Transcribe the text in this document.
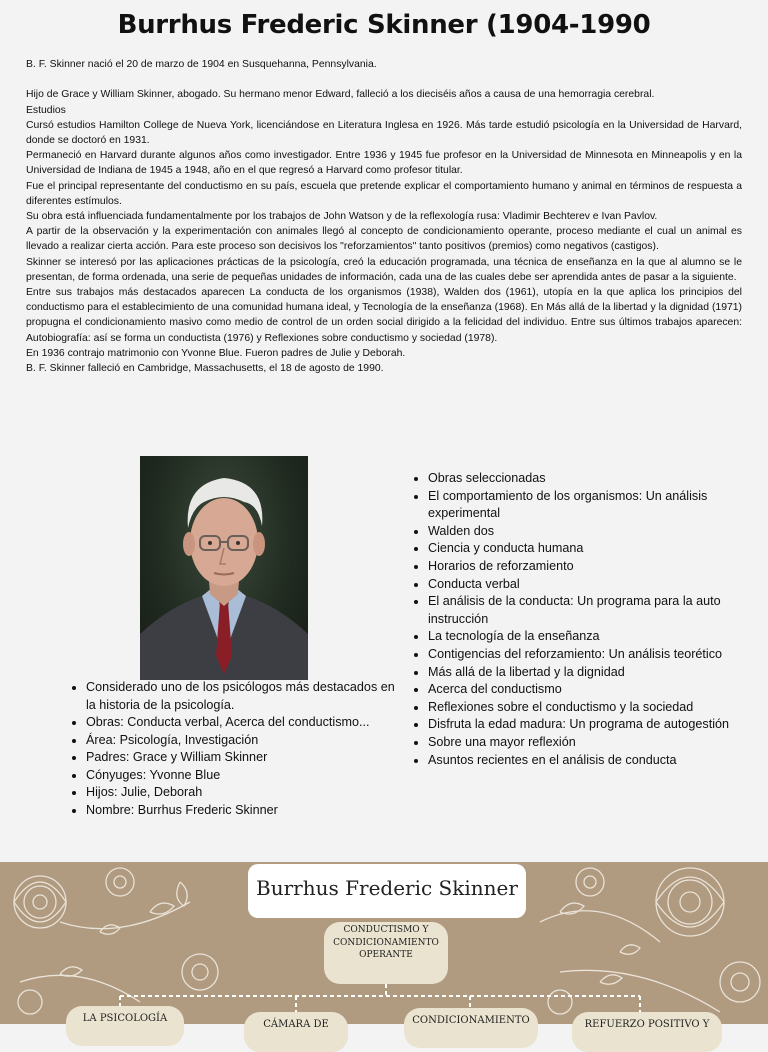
Burrhus Frederic Skinner (1904-1990

B. F. Skinner nació el 20 de marzo de 1904 en Susquehanna, Pennsylvania.

Hijo de Grace y William Skinner, abogado. Su hermano menor Edward, falleció a los dieciséis años a causa de una hemorragia cerebral.

Estudios

Cursó estudios Hamilton College de Nueva York, licenciándose en Literatura Inglesa en 1926. Más tarde estudió psicología en la Universidad de Harvard, donde se doctoró en 1931.

Permaneció en Harvard durante algunos años como investigador. Entre 1936 y 1945 fue profesor en la Universidad de Minnesota en Minneapolis y en la Universidad de Indiana de 1945 a 1948, año en el que regresó a Harvard como profesor titular.

Fue el principal representante del conductismo en su país, escuela que pretende explicar el comportamiento humano y animal en términos de respuesta a diferentes estímulos.

Su obra está influenciada fundamentalmente por los trabajos de John Watson y de la reflexología rusa: Vladimir Bechterev e Ivan Pavlov.

A partir de la observación y la experimentación con animales llegó al concepto de condicionamiento operante, proceso mediante el cual un animal es llevado a realizar cierta acción. Para este proceso son decisivos los "reforzamientos" tanto positivos (premios) como negativos (castigos).

Skinner se interesó por las aplicaciones prácticas de la psicología, creó la educación programada, una técnica de enseñanza en la que al alumno se le presentan, de forma ordenada, una serie de pequeñas unidades de información, cada una de las cuales debe ser aprendida antes de pasar a la siguiente.

Entre sus trabajos más destacados aparecen La conducta de los organismos (1938), Walden dos (1961), utopía en la que aplica los principios del conductismo para el establecimiento de una comunidad humana ideal, y Tecnología de la enseñanza (1968). En Más allá de la libertad y la dignidad (1971) propugna el condicionamiento masivo como medio de control de un orden social dirigido a la felicidad del individuo. Entre sus últimos trabajos aparecen: Autobiografía: así se forma un conductista (1976) y Reflexiones sobre conductismo y sociedad (1978).

En 1936 contrajo matrimonio con Yvonne Blue. Fueron padres de Julie y Deborah.

B. F. Skinner falleció en Cambridge, Massachusetts, el 18 de agosto de 1990.

• Considerado uno de los psicólogos más destacados en la historia de la psicología.
• Obras: Conducta verbal, Acerca del conductismo...
• Área: Psicología, Investigación
• Padres: Grace y William Skinner
• Cónyuges: Yvonne Blue
• Hijos: Julie, Deborah
• Nombre: Burrhus Frederic Skinner
• Obras seleccionadas
• El comportamiento de los organismos: Un análisis experimental
• Walden dos
• Ciencia y conducta humana
• Horarios de reforzamiento
• Conducta verbal
• El análisis de la conducta: Un programa para la auto instrucción
• La tecnología de la enseñanza
• Contigencias del reforzamiento: Un análisis teorético
• Más allá de la libertad y la dignidad
• Acerca del conductismo
• Reflexiones sobre el conductismo y la sociedad
• Disfruta la edad madura: Un programa de autogestión
• Sobre una mayor reflexión
• Asuntos recientes en el análisis de conducta
Burrhus Frederic Skinner
CONDUCTISMO Y
CONDICIONAMIENTO
OPERANTE
LA PSICOLOGÍA
CÁMARA DE	CONDICIONAMIENTO	REFUERZO POSITIVO Y
